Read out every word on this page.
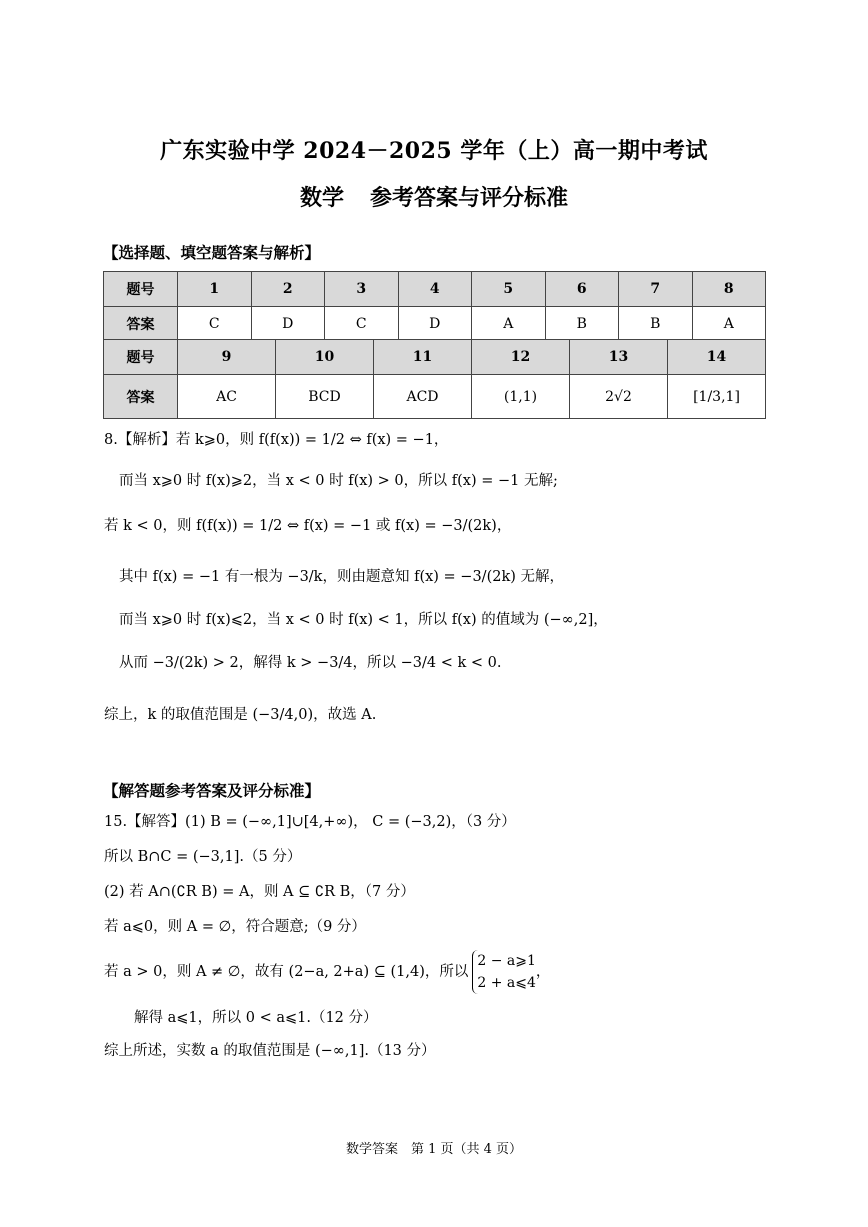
广东实验中学 2024－2025 学年（上）高一期中考试
数学 参考答案与评分标准
【选择题、填空题答案与解析】
题号	1	2	3	4	5	6	7	8
答案	C	D	C	D	A	B	B	A
题号	9	10	11	12	13	14
答案	AC	BCD	ACD	(1,1)	2√2	[1/3,1]
8.【解析】若 k⩾0，则 f(f(x)) = 1/2 ⇔ f(x) = −1，
而当 x⩾0 时 f(x)⩾2，当 x < 0 时 f(x) > 0，所以 f(x) = −1 无解;
若 k < 0，则 f(f(x)) = 1/2 ⇔ f(x) = −1 或 f(x) = −3/(2k)，
其中 f(x) = −1 有一根为 −3/k，则由题意知 f(x) = −3/(2k) 无解，
而当 x⩾0 时 f(x)⩽2，当 x < 0 时 f(x) < 1，所以 f(x) 的值域为 (−∞,2]，
从而 −3/(2k) > 2，解得 k > −3/4，所以 −3/4 < k < 0.
综上，k 的取值范围是 (−3/4,0)，故选 A.
【解答题参考答案及评分标准】
15.【解答】(1) B = (−∞,1]∪[4,+∞)， C = (−3,2)，（3 分）
所以 B∩C = (−3,1].（5 分）
(2) 若 A∩(∁R B) = A，则 A ⊆ ∁R B，（7 分）
若 a⩽0，则 A = ∅，符合题意;（9 分）
若 a > 0，则 A ≠ ∅，故有 (2−a, 2+a) ⊆ (1,4)，所以
2 − a⩾1
2 + a⩽4
，
解得 a⩽1，所以 0 < a⩽1.（12 分）
综上所述，实数 a 的取值范围是 (−∞,1].（13 分）
数学答案　第 1 页（共 4 页）
